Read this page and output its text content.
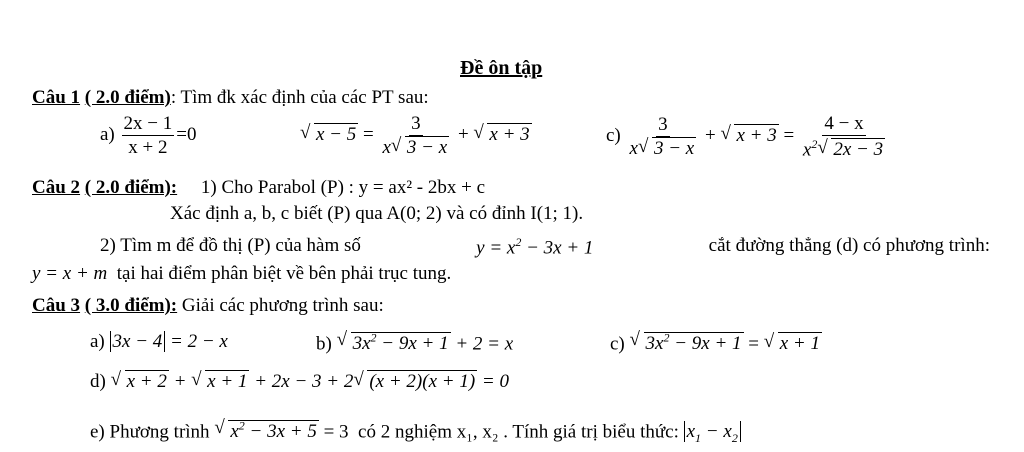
Đề ôn tập
Câu 1 ( 2.0 điểm): Tìm đk xác định của các PT sau:
$a) \frac{2x - 1}{x + 2} =0$	√ $x - 5 = \frac{3}{x √ 3 - x}$ + √ x + 3	$c) \frac{3}{x √ 3 - x}$ + √ $x + 3 = \frac{4 - x}{x^2 √ 2x - 3}$
Câu 2 ( 2.0 điểm): 1) Cho Parabol (P) : y = ax² - 2bx + c
Xác định a, b, c biết (P) qua A(0; 2) và có đỉnh I(1; 1).
2) Tìm m để đồ thị (P) của hàm số	$y = x^2 - 3x + 1$	cắt đường thẳng (d) có phương trình:
y = x + m tại hai điểm phân biệt về bên phải trục tung.
Câu 3 ( 3.0 điểm): Giải các phương trình sau:
a) 3x − 4 = 2 − x	b) √ $3x^2 - 9x + 1 + 2 = x$	c) √ $3x^2 - 9x + 1$ = √ x + 1
d) √ x + 2 + √ x + 1 + 2x − 3 + 2 √ (x + 2)(x + 1) = 0
e) Phương trình √ $x^2 - 3x + 5 = 3$  có 2 nghiệm x₁, x₂ . Tính giá trị biểu thức: $x_1 - x_2$
